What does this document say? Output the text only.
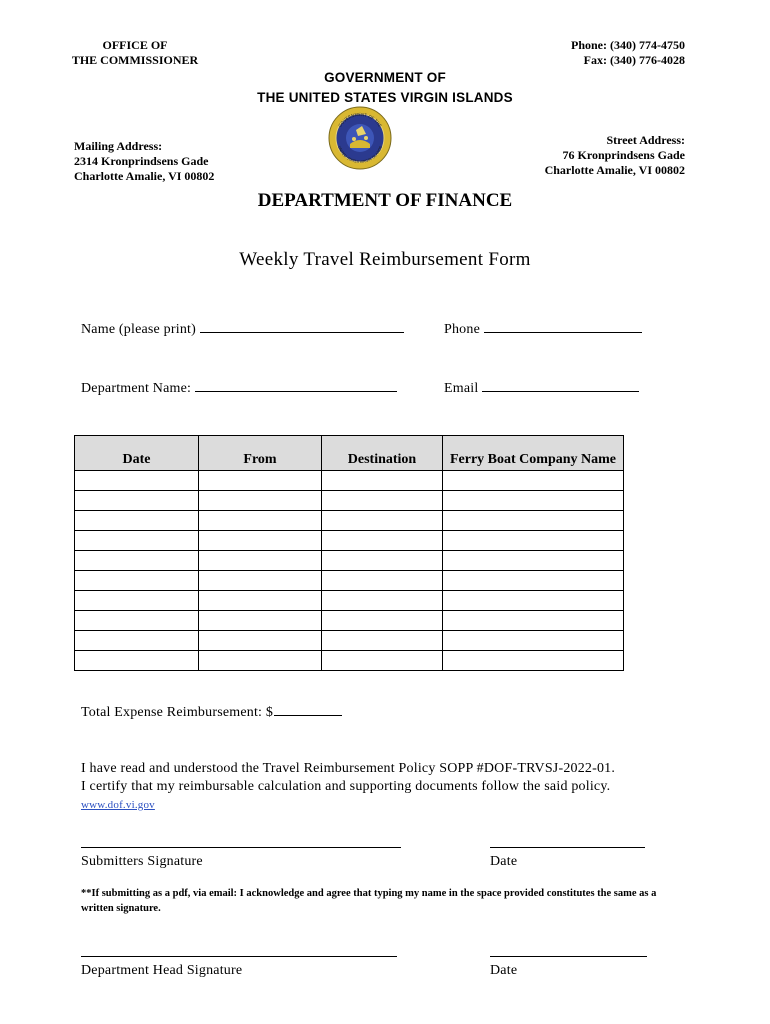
OFFICE OF
THE COMMISSIONER
Phone: (340) 774-4750
Fax: (340) 776-4028
GOVERNMENT OF
THE UNITED STATES VIRGIN ISLANDS
GOVERNMENT OF THE
UNITED STATES VIRGIN ISLANDS
Mailing Address:
2314 Kronprindsens Gade
Charlotte Amalie, VI 00802
Street Address:
76 Kronprindsens Gade
Charlotte Amalie, VI 00802
DEPARTMENT OF FINANCE
Weekly Travel Reimbursement Form
Name (please print)	Phone
Department Name:	Email
Date	From	Destination	Ferry Boat Company Name

Total Expense Reimbursement: $
I have read and understood the Travel Reimbursement Policy SOPP #DOF-TRVSJ-2022-01.
I certify that my reimbursable calculation and supporting documents follow the said policy.
www.dof.vi.gov
Submitters Signature	Date
**If submitting as a pdf, via email: I acknowledge and agree that typing my name in the space provided constitutes the same as a written signature.
Department Head Signature	Date
